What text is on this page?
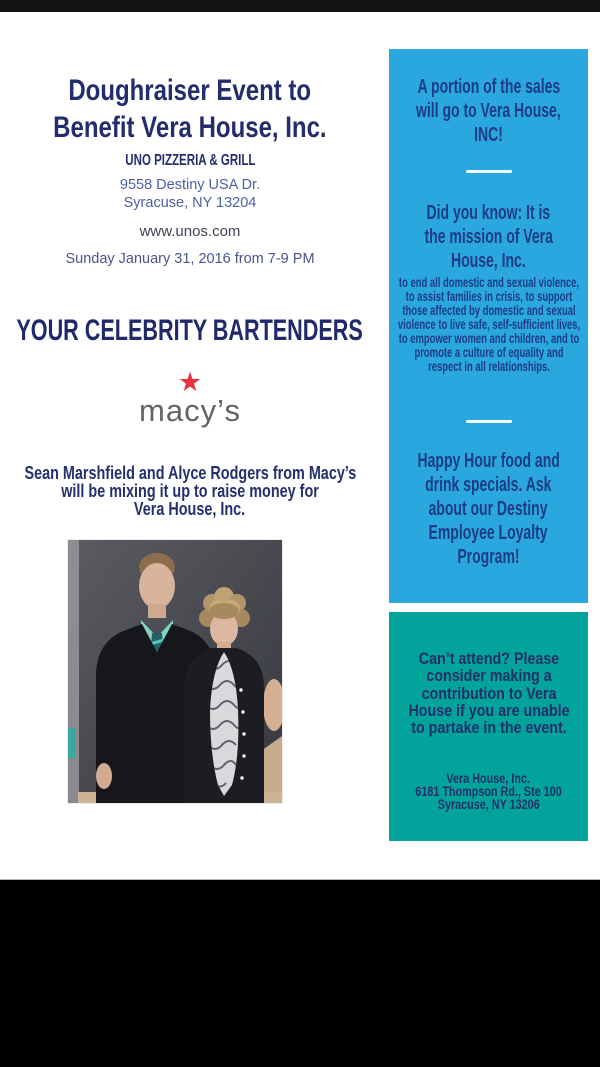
Doughraiser Event to
Benefit Vera House, Inc.
UNO PIZZERIA & GRILL
9558 Destiny USA Dr.
Syracuse, NY 13204
www.unos.com
Sunday January 31, 2016 from 7-9 PM
YOUR CELEBRITY BARTENDERS
★
macy’s
Sean Marshfield and Alyce Rodgers from Macy’s
will be mixing it up to raise money for
Vera House, Inc.
A portion of the sales
will go to Vera House,
INC!
Did you know: It is
the mission of Vera
House, Inc.
to end all domestic and sexual violence, to assist families in crisis, to support those affected by domestic and sexual violence to live safe, self-sufficient lives, to empower women and children, and to promote a culture of equality and respect in all relationships.
Happy Hour food and
drink specials. Ask
about our Destiny
Employee Loyalty
Program!
Can’t attend? Please consider making a contribution to Vera House if you are unable to partake in the event.
Vera House, Inc.
6181 Thompson Rd., Ste 100
Syracuse, NY 13206
